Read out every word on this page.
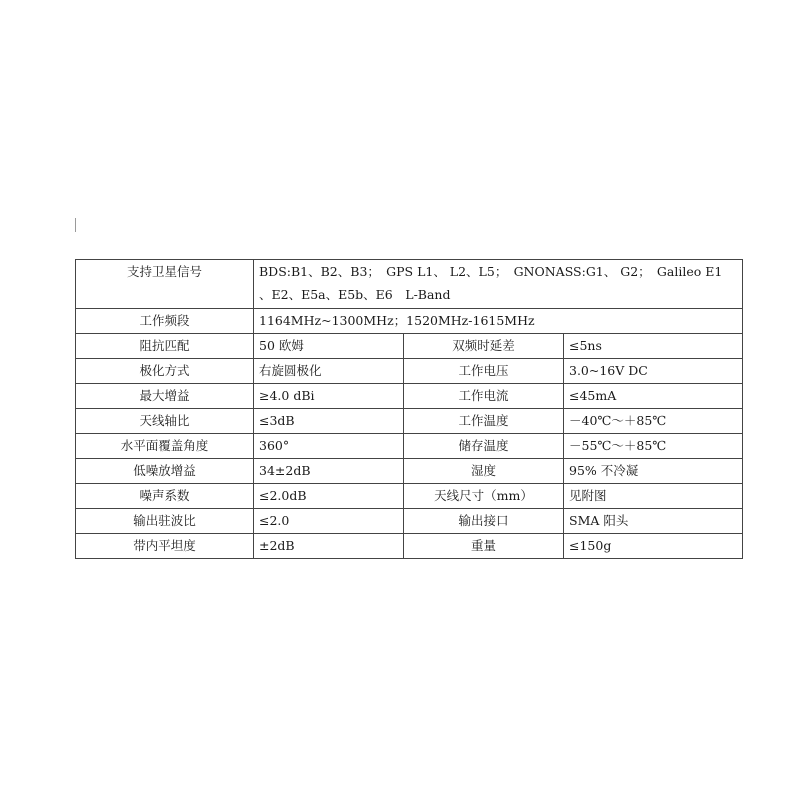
支持卫星信号	BDS:B1、B2、B3；　GPS L1、 L2、L5；　GNONASS:G1、 G2；　Galileo E1 、E2、E5a、E5b、E6　L-Band		
工作频段	1164MHz~1300MHz；1520MHz-1615MHz		
阻抗匹配	50 欧姆	双频时延差	≤5ns
极化方式	右旋圆极化	工作电压	3.0~16V DC
最大增益	≥4.0 dBi	工作电流	≤45mA
天线轴比	≤3dB	工作温度	－40℃～＋85℃
水平面覆盖角度	360°	储存温度	－55℃～＋85℃
低噪放增益	34±2dB	湿度	95% 不冷凝
噪声系数	≤2.0dB	天线尺寸（mm）	见附图
输出驻波比	≤2.0	输出接口	SMA 阳头
带内平坦度	±2dB	重量	≤150g
